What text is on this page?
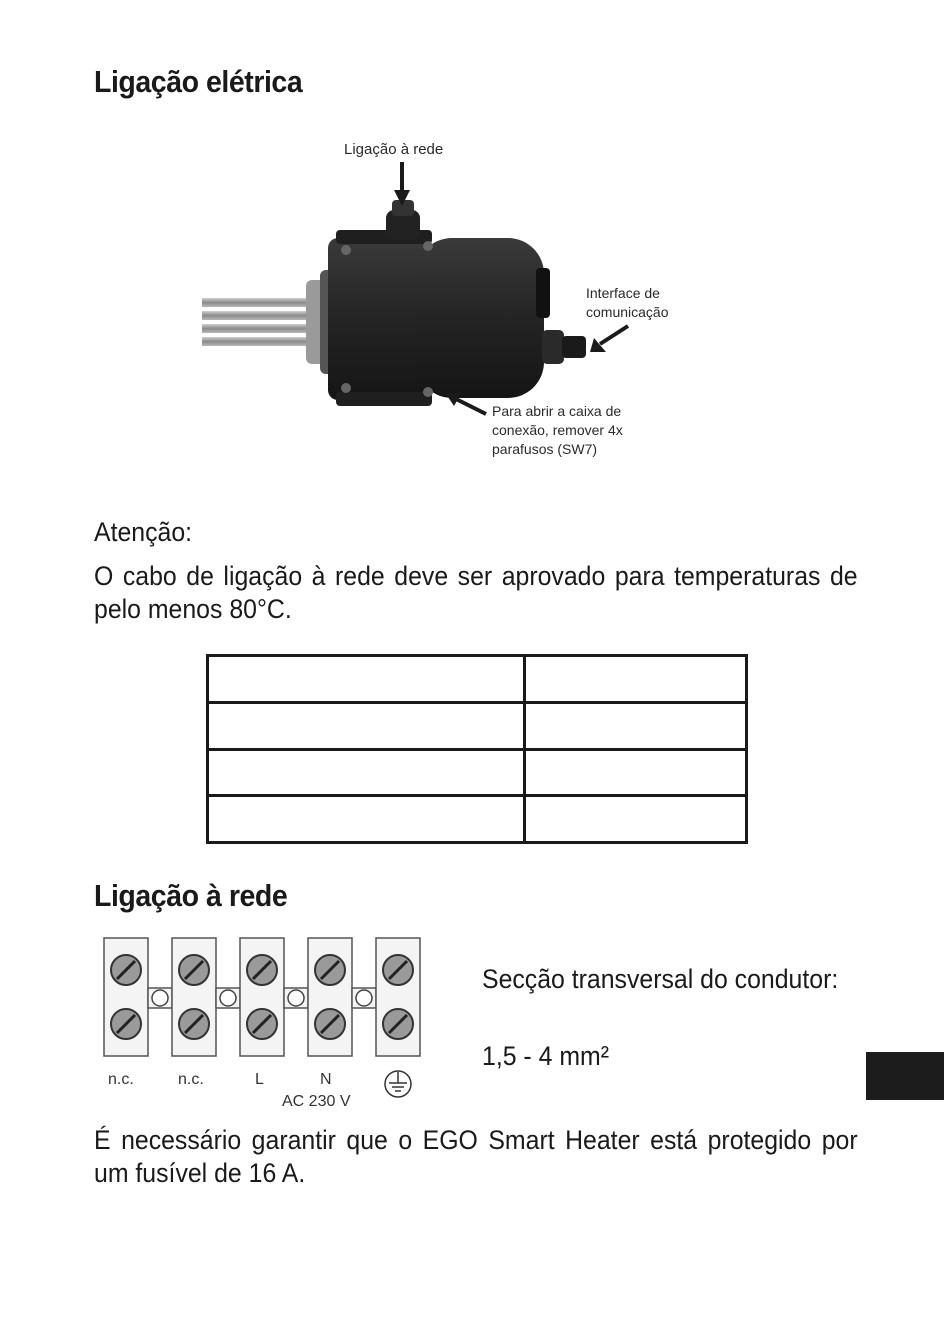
Ligação elétrica
Ligação à rede
Interface de
comunicação
Para abrir a caixa de
conexão, remover 4x
parafusos (SW7)

Atenção:

O cabo de ligação à rede deve ser aprovado para temperaturas de pelo menos 80°C.

Ligação à rede
n.c.	n.c.	L	N
AC 230 V

Secção transversal do condutor:

1,5 - 4 mm²

É necessário garantir que o EGO Smart Heater está protegido por um fusível de 16 A.
